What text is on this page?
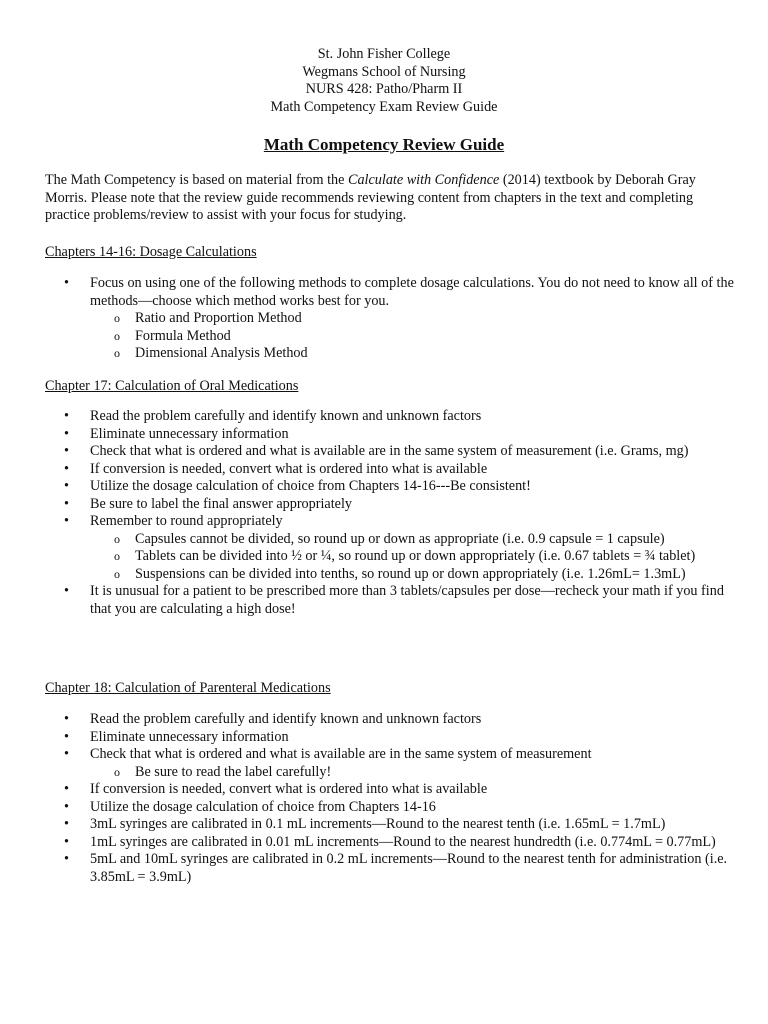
St. John Fisher College
Wegmans School of Nursing
NURS 428: Patho/Pharm II
Math Competency Exam Review Guide
Math Competency Review Guide

The Math Competency is based on material from the Calculate with Confidence (2014) textbook by Deborah Gray Morris. Please note that the review guide recommends reviewing content from chapters in the text and completing practice problems/review to assist with your focus for studying.

Chapters 14-16: Dosage Calculations

• Focus on using one of the following methods to complete dosage calculations. You do not need to know all of the methods—choose which method works best for you.
o Ratio and Proportion Method
o Formula Method
o Dimensional Analysis Method

Chapter 17: Calculation of Oral Medications

• Read the problem carefully and identify known and unknown factors
• Eliminate unnecessary information
• Check that what is ordered and what is available are in the same system of measurement (i.e. Grams, mg)
• If conversion is needed, convert what is ordered into what is available
• Utilize the dosage calculation of choice from Chapters 14-16---Be consistent!
• Be sure to label the final answer appropriately
• Remember to round appropriately
o Capsules cannot be divided, so round up or down as appropriate (i.e. 0.9 capsule = 1 capsule)
o Tablets can be divided into ½ or ¼, so round up or down appropriately (i.e. 0.67 tablets = ¾ tablet)
o Suspensions can be divided into tenths, so round up or down appropriately (i.e. 1.26mL= 1.3mL)
• It is unusual for a patient to be prescribed more than 3 tablets/capsules per dose—recheck your math if you find that you are calculating a high dose!

Chapter 18: Calculation of Parenteral Medications

• Read the problem carefully and identify known and unknown factors
• Eliminate unnecessary information
• Check that what is ordered and what is available are in the same system of measurement
o Be sure to read the label carefully!
• If conversion is needed, convert what is ordered into what is available
• Utilize the dosage calculation of choice from Chapters 14-16
• 3mL syringes are calibrated in 0.1 mL increments—Round to the nearest tenth (i.e. 1.65mL = 1.7mL)
• 1mL syringes are calibrated in 0.01 mL increments—Round to the nearest hundredth (i.e. 0.774mL = 0.77mL)
• 5mL and 10mL syringes are calibrated in 0.2 mL increments—Round to the nearest tenth for administration (i.e. 3.85mL = 3.9mL)
